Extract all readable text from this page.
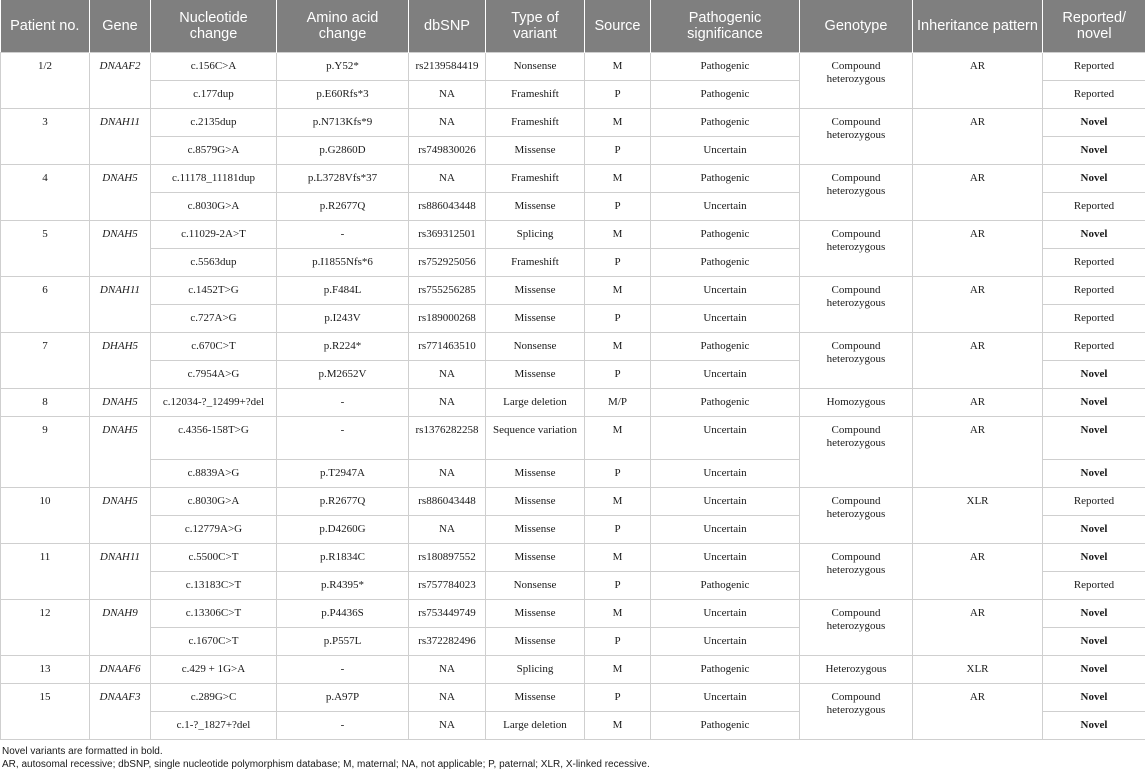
Patient no.	Gene	Nucleotide change	Amino acid change	dbSNP	Type of variant	Source	Pathogenic significance	Genotype	Inheritance pattern	Reported/ novel
1/2	DNAAF2	c.156C>A	p.Y52*	rs2139584419	Nonsense	M	Pathogenic	Compound heterozygous	AR	Reported
		c.177dup	p.E60Rfs*3	NA	Frameshift	P	Pathogenic			Reported
3	DNAH11	c.2135dup	p.N713Kfs*9	NA	Frameshift	M	Pathogenic	Compound heterozygous	AR	Novel
		c.8579G>A	p.G2860D	rs749830026	Missense	P	Uncertain			Novel
4	DNAH5	c.11178_11181dup	p.L3728Vfs*37	NA	Frameshift	M	Pathogenic	Compound heterozygous	AR	Novel
		c.8030G>A	p.R2677Q	rs886043448	Missense	P	Uncertain			Reported
5	DNAH5	c.11029-2A>T	-	rs369312501	Splicing	M	Pathogenic	Compound heterozygous	AR	Novel
		c.5563dup	p.I1855Nfs*6	rs752925056	Frameshift	P	Pathogenic			Reported
6	DNAH11	c.1452T>G	p.F484L	rs755256285	Missense	M	Uncertain	Compound heterozygous	AR	Reported
		c.727A>G	p.I243V	rs189000268	Missense	P	Uncertain			Reported
7	DHAH5	c.670C>T	p.R224*	rs771463510	Nonsense	M	Pathogenic	Compound heterozygous	AR	Reported
		c.7954A>G	p.M2652V	NA	Missense	P	Uncertain			Novel
8	DNAH5	c.12034-?_12499+?del	-	NA	Large deletion	M/P	Pathogenic	Homozygous	AR	Novel
9	DNAH5	c.4356-158T>G	-	rs1376282258	Sequence variation	M	Uncertain	Compound heterozygous	AR	Novel
		c.8839A>G	p.T2947A	NA	Missense	P	Uncertain			Novel
10	DNAH5	c.8030G>A	p.R2677Q	rs886043448	Missense	M	Uncertain	Compound heterozygous	XLR	Reported
		c.12779A>G	p.D4260G	NA	Missense	P	Uncertain			Novel
11	DNAH11	c.5500C>T	p.R1834C	rs180897552	Missense	M	Uncertain	Compound heterozygous	AR	Novel
		c.13183C>T	p.R4395*	rs757784023	Nonsense	P	Pathogenic			Reported
12	DNAH9	c.13306C>T	p.P4436S	rs753449749	Missense	M	Uncertain	Compound heterozygous	AR	Novel
		c.1670C>T	p.P557L	rs372282496	Missense	P	Uncertain			Novel
13	DNAAF6	c.429 + 1G>A	-	NA	Splicing	M	Pathogenic	Heterozygous	XLR	Novel
15	DNAAF3	c.289G>C	p.A97P	NA	Missense	P	Uncertain	Compound heterozygous	AR	Novel
		c.1-?_1827+?del	-	NA	Large deletion	M	Pathogenic			Novel
Novel variants are formatted in bold.
AR, autosomal recessive; dbSNP, single nucleotide polymorphism database; M, maternal; NA, not applicable; P, paternal; XLR, X-linked recessive.
